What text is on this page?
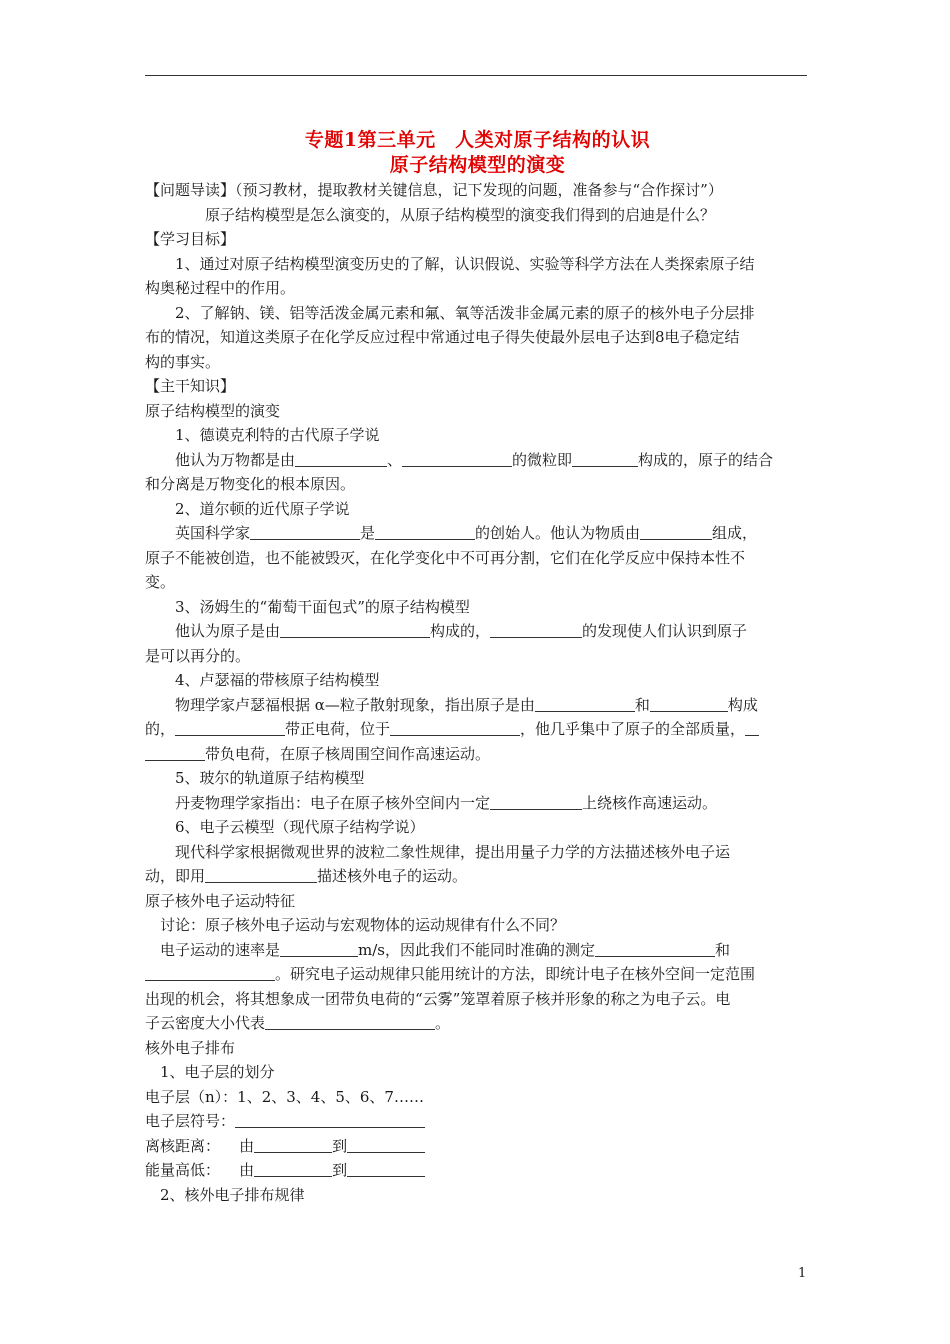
专题1第三单元　人类对原子结构的认识
原子结构模型的演变
【问题导读】（预习教材，提取教材关键信息，记下发现的问题，准备参与“合作探讨”）
原子结构模型是怎么演变的，从原子结构模型的演变我们得到的启迪是什么？
【学习目标】
1、通过对原子结构模型演变历史的了解，认识假说、实验等科学方法在人类探索原子结
构奥秘过程中的作用。
2、了解钠、镁、铝等活泼金属元素和氟、氧等活泼非金属元素的原子的核外电子分层排
布的情况，知道这类原子在化学反应过程中常通过电子得失使最外层电子达到8电子稳定结
构的事实。
【主干知识】
原子结构模型的演变
1、德谟克利特的古代原子学说
他认为万物都是由	、	的微粒即	构成的，原子的结合
和分离是万物变化的根本原因。
2、道尔顿的近代原子学说
英国科学家	是	的创始人。他认为物质由	组成，
原子不能被创造，也不能被毁灭，在化学变化中不可再分割，它们在化学反应中保持本性不
变。
3、汤姆生的“葡萄干面包式”的原子结构模型
他认为原子是由	构成的，	的发现使人们认识到原子
是可以再分的。
4、卢瑟福的带核原子结构模型
物理学家卢瑟福根据 α—粒子散射现象，指出原子是由	和	构成
的，	带正电荷，位于	，他几乎集中了原子的全部质量，
带负电荷，在原子核周围空间作高速运动。
5、玻尔的轨道原子结构模型
丹麦物理学家指出：电子在原子核外空间内一定	上绕核作高速运动。
6、电子云模型（现代原子结构学说）
现代科学家根据微观世界的波粒二象性规律，提出用量子力学的方法描述核外电子运
动，即用	描述核外电子的运动。
原子核外电子运动特征
讨论：原子核外电子运动与宏观物体的运动规律有什么不同？
电子运动的速率是	m/s，因此我们不能同时准确的测定	和
。研究电子运动规律只能用统计的方法，即统计电子在核外空间一定范围
出现的机会，将其想象成一团带负电荷的“云雾”笼罩着原子核并形象的称之为电子云。电
子云密度大小代表	。
核外电子排布
1、电子层的划分
电子层（n）：1、2、3、4、5、6、7……
电子层符号：
离核距离： 由	到
能量高低： 由	到
2、核外电子排布规律
1
